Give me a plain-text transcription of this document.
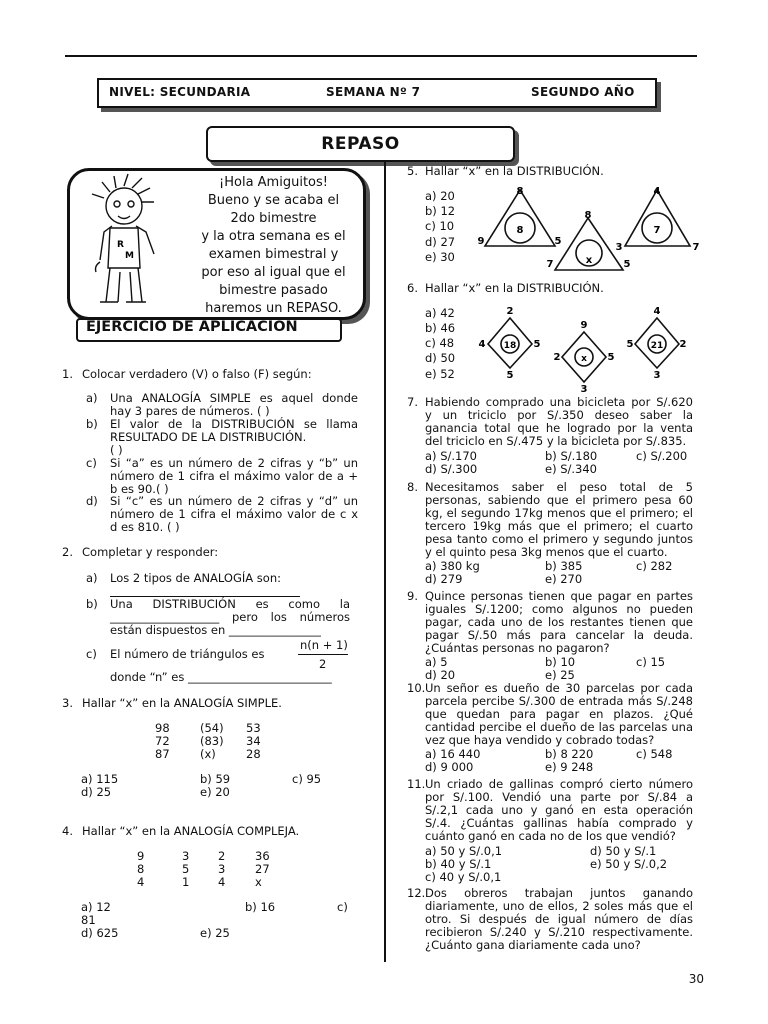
NIVEL: SECUNDARIA	SEMANA Nº 7	SEGUNDO AÑO
REPASO
R
M
¡Hola Amiguitos!
Bueno y se acaba el
2do bimestre
y la otra semana es el
examen bimestral y
por eso al igual que el
bimestre pasado
haremos un REPASO.
EJERCICIO DE APLICACIÓN
1. Colocar verdadero (V) o falso (F) según:
a) Una ANALOGÍA SIMPLE es aquel donde
hay 3 pares de números. ( )
b) El valor de la DISTRIBUCIÓN se llama
RESULTADO DE LA DISTRIBUCIÓN.
( )
c) Si “a” es un número de 2 cifras y “b” un
número de 1 cifra el máximo valor de a +
b es 90.( )
d) Si “c” es un número de 2 cifras y “d” un
número de 1 cifra el máximo valor de c x
d es 810. ( )
2. Completar y responder:
a) Los 2 tipos de ANALOGÍA son:
b) Una DISTRIBUCIÓN es como la
___________________ pero los números
están dispuestos en ________________
c) El número de triángulos es
n(n + 1)
2
donde “n” es _________________________
3. Hallar “x” en la ANALOGÍA SIMPLE.
98	(54) 53
72	(83) 34
87	(x)	28
a) 115	b) 59	c) 95
d) 25	e) 20
4. Hallar “x” en la ANALOGÍA COMPLEJA.
9	3 2	36
8	5 3	27
4	1 4	x
a) 12	b) 16	c)
81
d) 625	e) 25
5. Hallar “x” en la DISTRIBUCIÓN.
a) 20
b) 12
c) 10
d) 27
e) 30
8
9	5
8
8
7	5
x
4
3	7
7
6. Hallar “x” en la DISTRIBUCIÓN.
a) 42
b) 46
c) 48
d) 50
e) 52
2
4	5
5
18
9
2	5
3
x
4
5	2
3
21
7. Habiendo comprado una bicicleta por S/.620
y un triciclo por S/.350 deseo saber la
ganancia total que he logrado por la venta
del triciclo en S/.475 y la bicicleta por S/.835.
a) S/.170	b) S/.180	c) S/.200
d) S/.300	e) S/.340
8. Necesitamos saber el peso total de 5
personas, sabiendo que el primero pesa 60
kg, el segundo 17kg menos que el primero; el
tercero 19kg más que el primero; el cuarto
pesa tanto como el primero y segundo juntos
y el quinto pesa 3kg menos que el cuarto.
a) 380 kg	b) 385	c) 282
d) 279	e) 270
9. Quince personas tienen que pagar en partes
iguales S/.1200; como algunos no pueden
pagar, cada uno de los restantes tienen que
pagar S/.50 más para cancelar la deuda.
¿Cuántas personas no pagaron?
a) 5	b) 10	c) 15
d) 20	e) 25
10. Un señor es dueño de 30 parcelas por cada
parcela percibe S/.300 de entrada más S/.248
que quedan para pagar en plazos. ¿Qué
cantidad percibe el dueño de las parcelas una
vez que haya vendido y cobrado todas?
a) 16 440	b) 8 220	c) 548
d) 9 000	e) 9 248
11. Un criado de gallinas compró cierto número
por S/.100. Vendió una parte por S/.84 a
S/.2,1 cada uno y ganó en esta operación
S/.4. ¿Cuántas gallinas había comprado y
cuánto ganó en cada no de los que vendió?
a) 50 y S/.0,1	d) 50 y S/.1
b) 40 y S/.1	e) 50 y S/.0,2
c) 40 y S/.0,1
12. Dos obreros trabajan juntos ganando
diariamente, uno de ellos, 2 soles más que el
otro. Si después de igual número de días
recibieron S/.240 y S/.210 respectivamente.
¿Cuánto gana diariamente cada uno?
30
